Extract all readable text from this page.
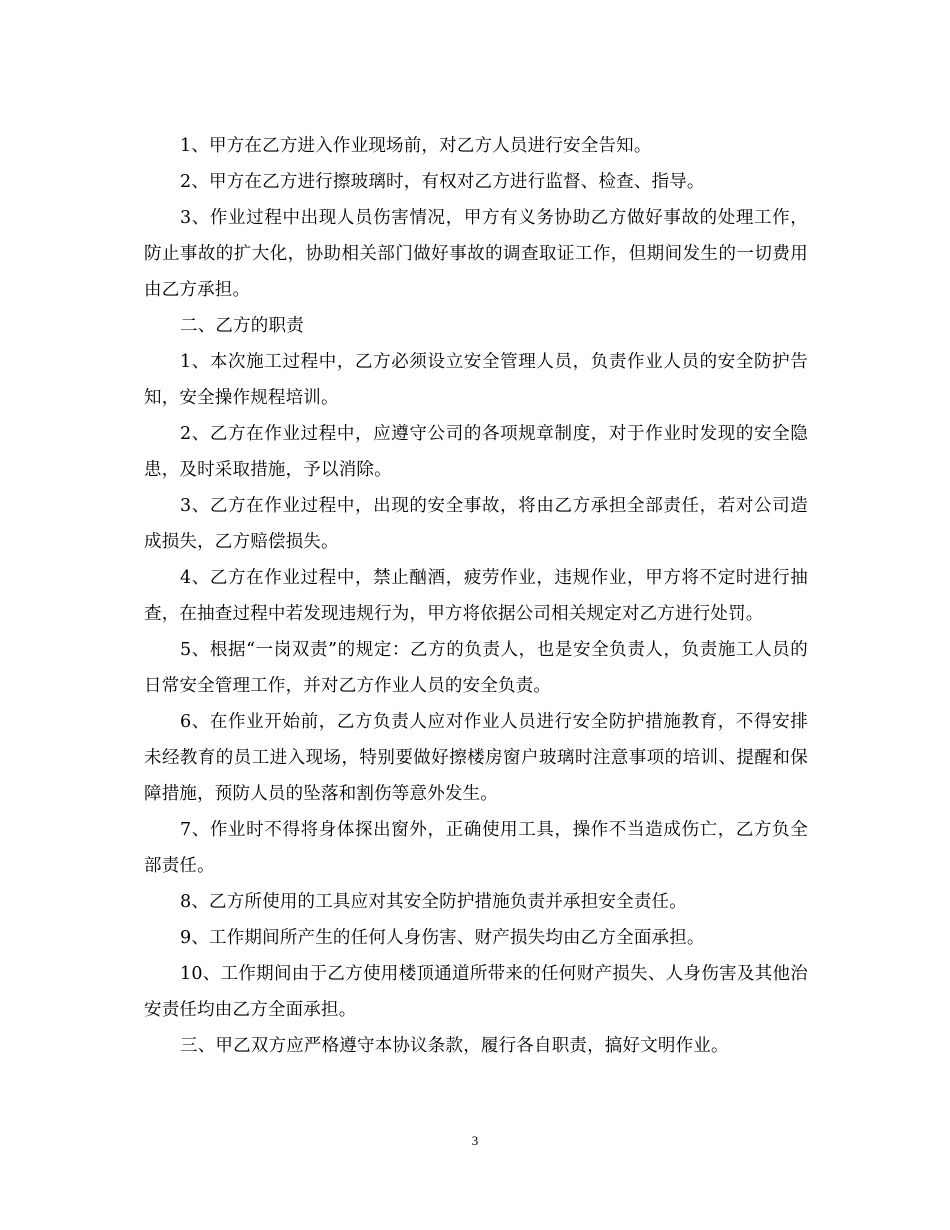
1、甲方在乙方进入作业现场前，对乙方人员进行安全告知。

2、甲方在乙方进行擦玻璃时，有权对乙方进行监督、检查、指导。

3、作业过程中出现人员伤害情况，甲方有义务协助乙方做好事故的处理工作，防止事故的扩大化，协助相关部门做好事故的调查取证工作，但期间发生的一切费用由乙方承担。

二、乙方的职责

1、本次施工过程中，乙方必须设立安全管理人员，负责作业人员的安全防护告知，安全操作规程培训。

2、乙方在作业过程中，应遵守公司的各项规章制度，对于作业时发现的安全隐患，及时采取措施，予以消除。

3、乙方在作业过程中，出现的安全事故，将由乙方承担全部责任，若对公司造成损失，乙方赔偿损失。

4、乙方在作业过程中，禁止酗酒，疲劳作业，违规作业，甲方将不定时进行抽查，在抽查过程中若发现违规行为，甲方将依据公司相关规定对乙方进行处罚。

5、根据“一岗双责”的规定：乙方的负责人，也是安全负责人，负责施工人员的日常安全管理工作，并对乙方作业人员的安全负责。

6、在作业开始前，乙方负责人应对作业人员进行安全防护措施教育，不得安排未经教育的员工进入现场，特别要做好擦楼房窗户玻璃时注意事项的培训、提醒和保障措施，预防人员的坠落和割伤等意外发生。

7、作业时不得将身体探出窗外，正确使用工具，操作不当造成伤亡，乙方负全部责任。

8、乙方所使用的工具应对其安全防护措施负责并承担安全责任。

9、工作期间所产生的任何人身伤害、财产损失均由乙方全面承担。

10、工作期间由于乙方使用楼顶通道所带来的任何财产损失、人身伤害及其他治安责任均由乙方全面承担。

三、甲乙双方应严格遵守本协议条款，履行各自职责，搞好文明作业。

3
